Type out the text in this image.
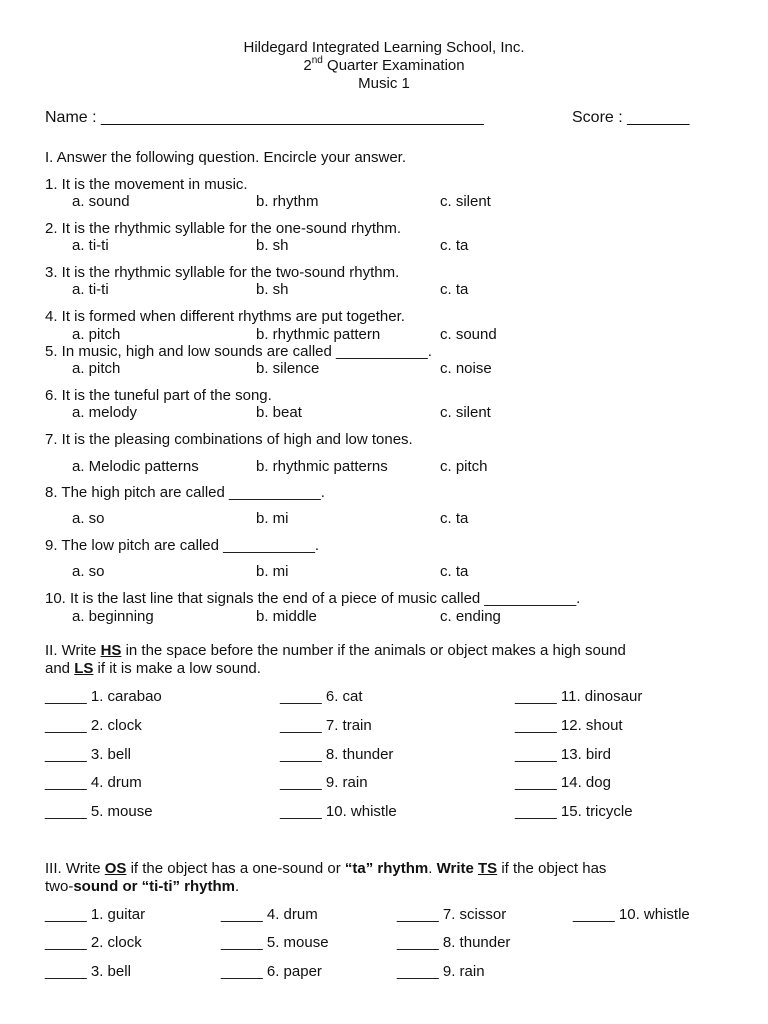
Hildegard Integrated Learning School, Inc.
2nd Quarter Examination
Music 1
Name : ___________________________________________	Score : _______
I. Answer the following question. Encircle your answer.
1. It is the movement in music.
a. sound	b. rhythm	c. silent
2. It is the rhythmic syllable for the one-sound rhythm.
a. ti-ti	b. sh	c. ta
3. It is the rhythmic syllable for the two-sound rhythm.
a. ti-ti	b. sh	c. ta
4. It is formed when different rhythms are put together.
a. pitch	b. rhythmic pattern	c. sound
5. In music, high and low sounds are called ___________.
a. pitch	b. silence	c. noise
6. It is the tuneful part of the song.
a. melody	b. beat	c. silent
7. It is the pleasing combinations of high and low tones.
a. Melodic patterns	b. rhythmic patterns	c. pitch
8. The high pitch are called ___________.
a. so	b. mi	c. ta
9. The low pitch are called ___________.
a. so	b. mi	c. ta
10. It is the last line that signals the end of a piece of music called ___________.
a. beginning	b. middle	c. ending
II. Write HS in the space before the number if the animals or object makes a high sound
and LS if it is make a low sound.
_____ 1. carabao
_____ 2. clock
_____ 3. bell
_____ 4. drum
_____ 5. mouse
_____ 6. cat
_____ 7. train
_____ 8. thunder
_____ 9. rain
_____ 10. whistle
_____ 11. dinosaur
_____ 12. shout
_____ 13. bird
_____ 14. dog
_____ 15. tricycle
III. Write OS if the object has a one-sound or “ta” rhythm. Write TS if the object has
two-sound or “ti-ti” rhythm.
_____ 1. guitar
_____ 2. clock
_____ 3. bell
_____ 4. drum
_____ 5. mouse
_____ 6. paper
_____ 7. scissor
_____ 8. thunder
_____ 9. rain
_____ 10. whistle
